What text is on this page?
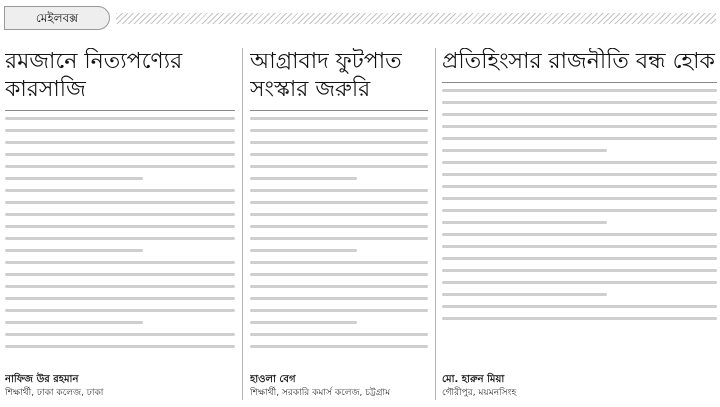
মেইলবক্স
রমজানে নিত্যপণ্যের কারসাজি
নাফিজ উর রহমান
শিক্ষার্থী, ঢাকা কলেজ, ঢাকা
আগ্রাবাদ ফুটপাত সংস্কার জরুরি
হাওলা বেগ
শিক্ষার্থী, সরকারি কমার্স কলেজ, চট্টগ্রাম
প্রতিহিংসার রাজনীতি বন্ধ হোক
মো. হারুন মিয়া
গৌরীপুর, ময়মনসিংহ
